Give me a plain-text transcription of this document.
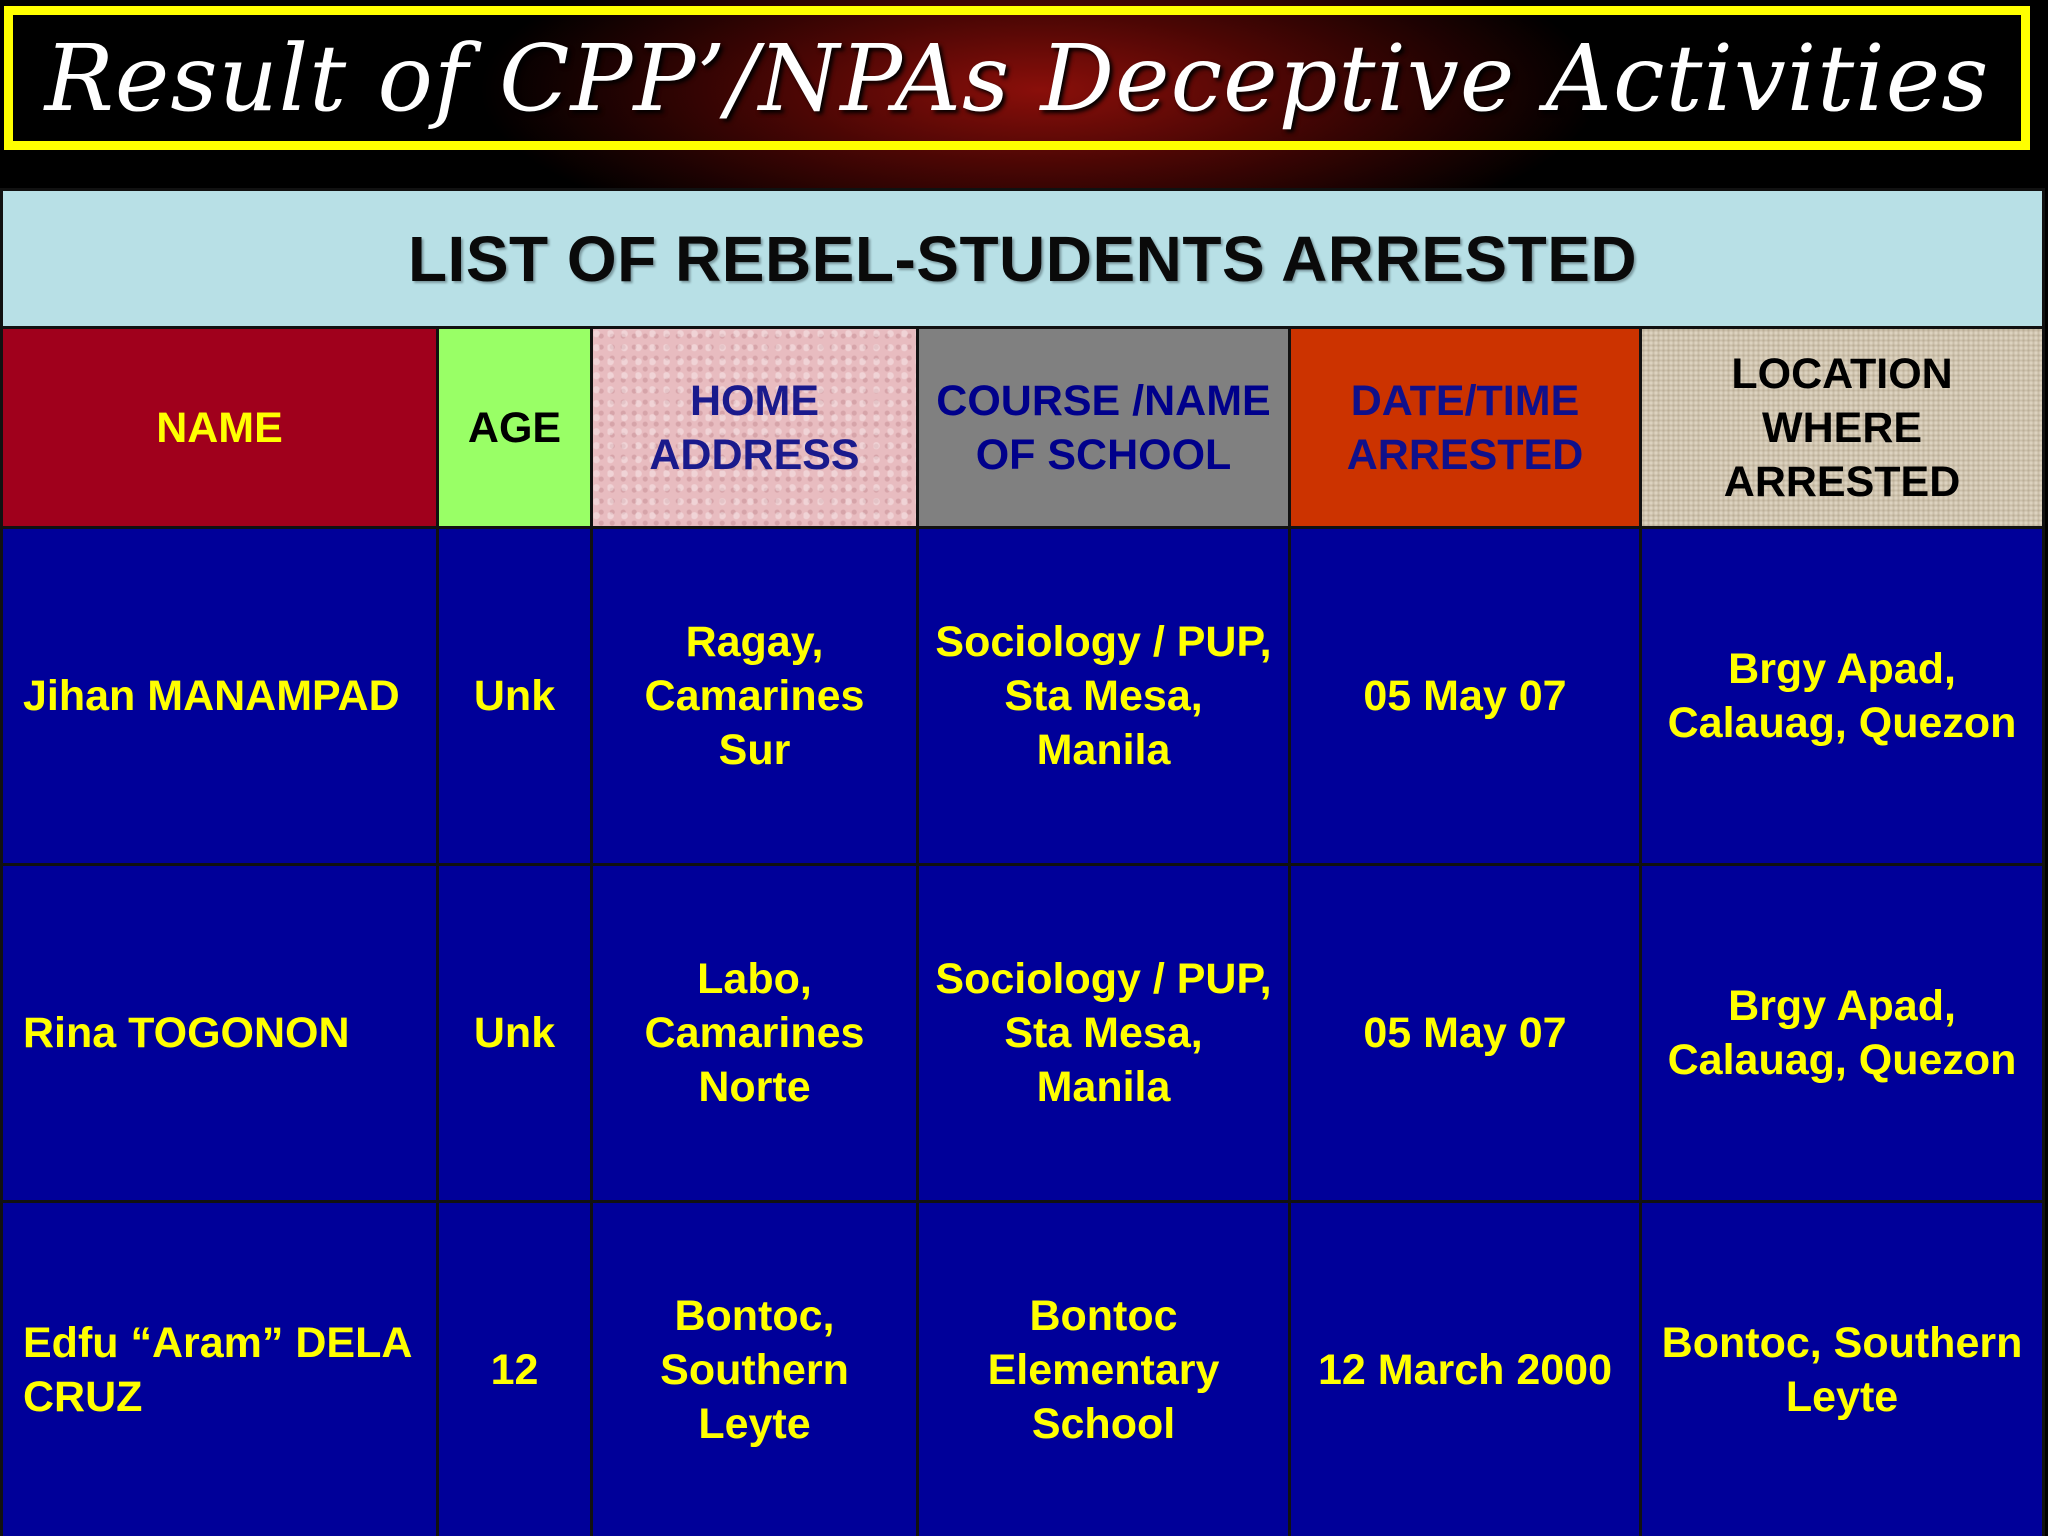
Result of CPP’/NPAs Deceptive Activities
LIST OF REBEL-STUDENTS ARRESTED					
NAME	AGE	HOME ADDRESS	COURSE /NAME OF SCHOOL	DATE/TIME ARRESTED	LOCATION WHERE ARRESTED
Jihan MANAMPAD	Unk	Ragay, Camarines Sur	Sociology / PUP, Sta Mesa, Manila	05 May 07	Brgy Apad, Calauag, Quezon
Rina TOGONON	Unk	Labo, Camarines Norte	Sociology / PUP, Sta Mesa, Manila	05 May 07	Brgy Apad, Calauag, Quezon
Edfu “Aram” DELA CRUZ	12	Bontoc, Southern Leyte	Bontoc Elementary School	12 March 2000	Bontoc, Southern Leyte
